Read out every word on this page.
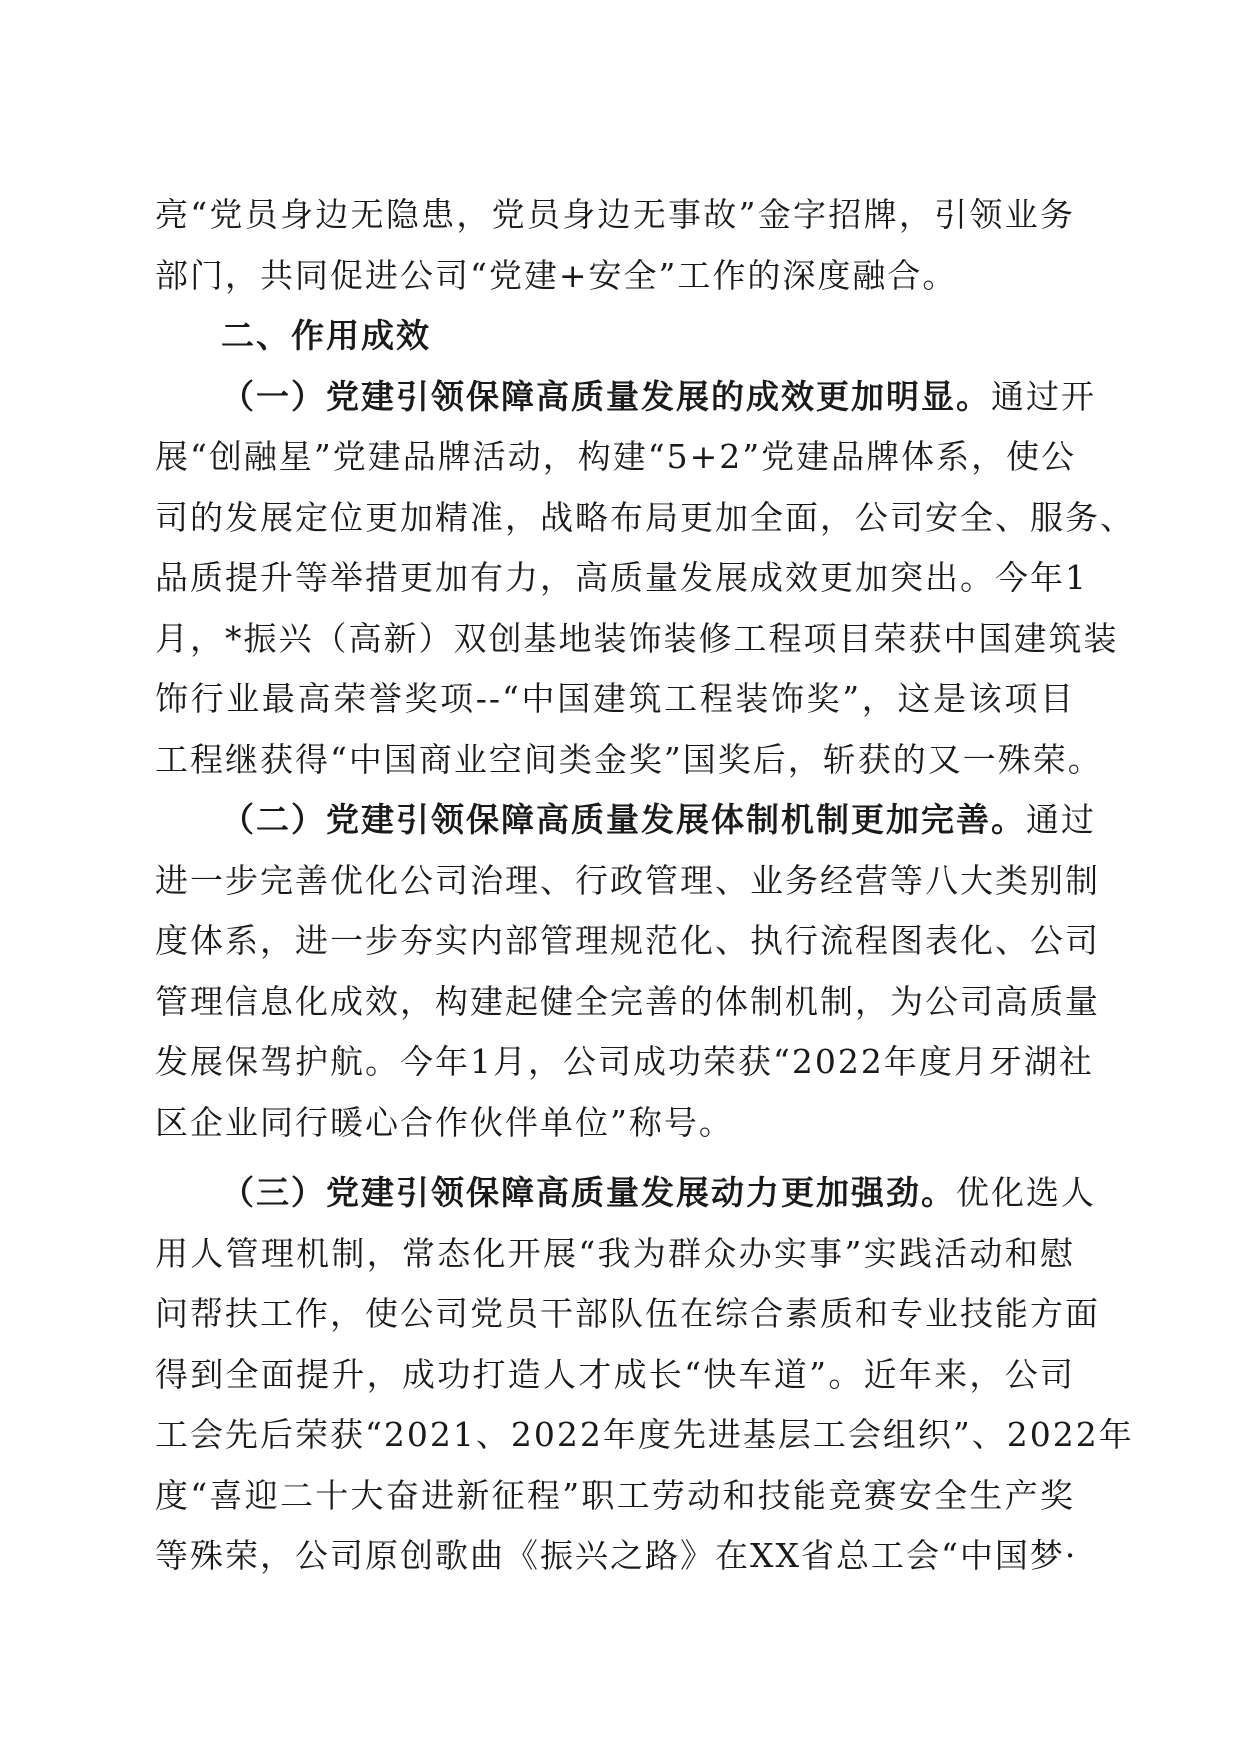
亮“党员身边无隐患，党员身边无事故”金字招牌，引领业务
部门，共同促进公司“党建+安全”工作的深度融合。
二、作用成效
（一）党建引领保障高质量发展的成效更加明显。通过开
展“创融星”党建品牌活动，构建“5+2”党建品牌体系，使公
司的发展定位更加精准，战略布局更加全面，公司安全、服务、
品质提升等举措更加有力，高质量发展成效更加突出。今年1
月，*振兴（高新）双创基地装饰装修工程项目荣获中国建筑装
饰行业最高荣誉奖项--“中国建筑工程装饰奖”，这是该项目
工程继获得“中国商业空间类金奖”国奖后，斩获的又一殊荣。
（二）党建引领保障高质量发展体制机制更加完善。通过
进一步完善优化公司治理、行政管理、业务经营等八大类别制
度体系，进一步夯实内部管理规范化、执行流程图表化、公司
管理信息化成效，构建起健全完善的体制机制，为公司高质量
发展保驾护航。今年1月，公司成功荣获“2022年度月牙湖社
区企业同行暖心合作伙伴单位”称号。
（三）党建引领保障高质量发展动力更加强劲。优化选人
用人管理机制，常态化开展“我为群众办实事”实践活动和慰
问帮扶工作，使公司党员干部队伍在综合素质和专业技能方面
得到全面提升，成功打造人才成长“快车道”。近年来，公司
工会先后荣获“2021、2022年度先进基层工会组织”、2022年
度“喜迎二十大奋进新征程”职工劳动和技能竞赛安全生产奖
等殊荣，公司原创歌曲《振兴之路》在XX省总工会“中国梦·
